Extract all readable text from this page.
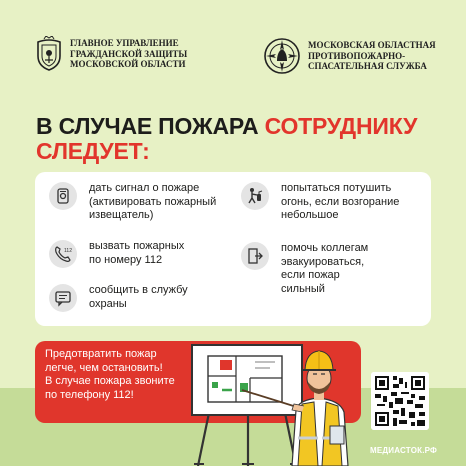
ГЛАВНОЕ УПРАВЛЕНИЕ
ГРАЖДАНСКОЙ ЗАЩИТЫ
МОСКОВСКОЙ ОБЛАСТИ
МОСКОВСКАЯ ОБЛАСТНАЯ
ПРОТИВОПОЖАРНО-
СПАСАТЕЛЬНАЯ СЛУЖБА
В СЛУЧАЕ ПОЖАРА СОТРУДНИКУ
СЛЕДУЕТ:
дать сигнал о пожаре
(активировать пожарный
извещатель)
112 вызвать пожарных
по номеру 112
сообщить в службу
охраны
попытаться потушить
огонь, если возгорание
небольшое
помочь коллегам
эвакуироваться,
если пожар
сильный
Предотвратить пожар
легче, чем остановить!
В случае пожара звоните
по телефону 112!
МЕДИАСТОК.РФ
